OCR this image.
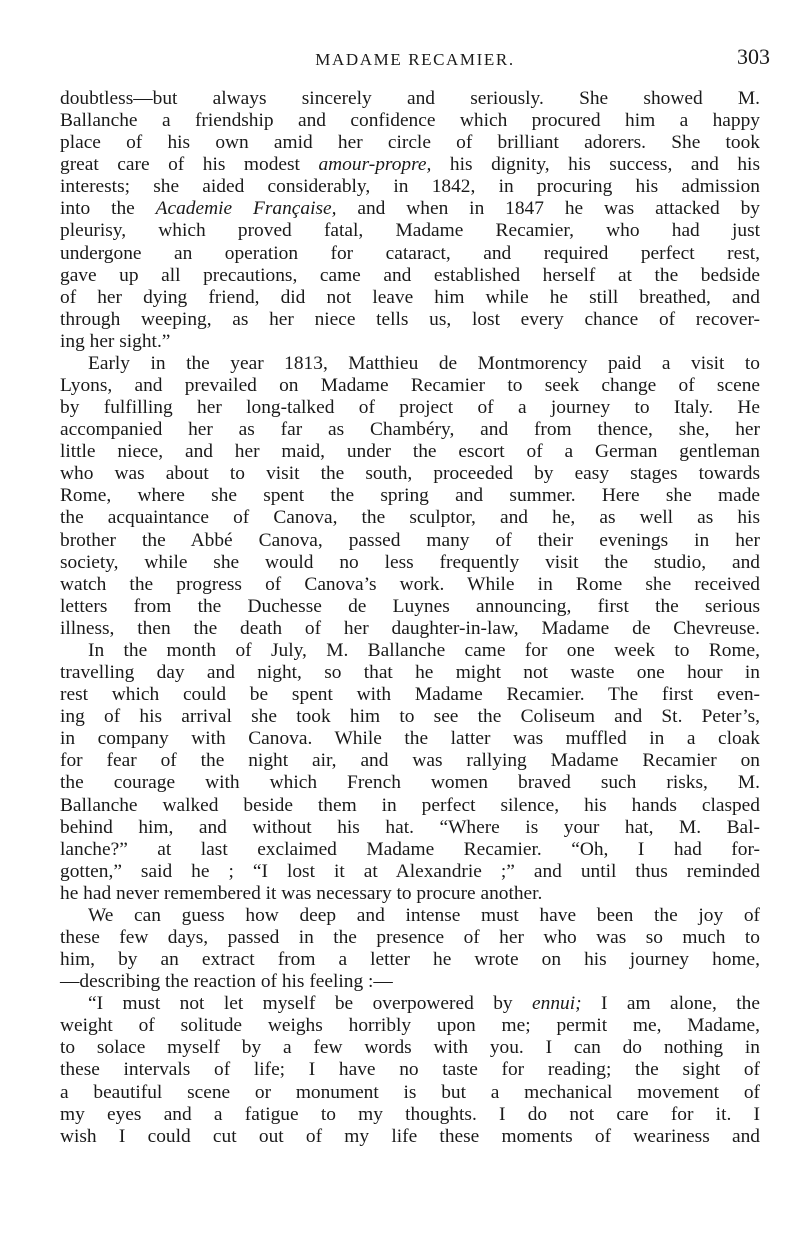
MADAME RECAMIER.	303
doubtless—but always sincerely and seriously. She showed M.
Ballanche a friendship and confidence which procured him a happy
place of his own amid her circle of brilliant adorers. She took
great care of his modest amour-propre, his dignity, his success, and his
interests; she aided considerably, in 1842, in procuring his admission
into the Academie Française, and when in 1847 he was attacked by
pleurisy, which proved fatal, Madame Recamier, who had just
undergone an operation for cataract, and required perfect rest,
gave up all precautions, came and established herself at the bedside
of her dying friend, did not leave him while he still breathed, and
through weeping, as her niece tells us, lost every chance of recover-
ing her sight.”
Early in the year 1813, Matthieu de Montmorency paid a visit to
Lyons, and prevailed on Madame Recamier to seek change of scene
by fulfilling her long-talked of project of a journey to Italy. He
accompanied her as far as Chambéry, and from thence, she, her
little niece, and her maid, under the escort of a German gentleman
who was about to visit the south, proceeded by easy stages towards
Rome, where she spent the spring and summer. Here she made
the acquaintance of Canova, the sculptor, and he, as well as his
brother the Abbé Canova, passed many of their evenings in her
society, while she would no less frequently visit the studio, and
watch the progress of Canova’s work. While in Rome she received
letters from the Duchesse de Luynes announcing, first the serious
illness, then the death of her daughter-in-law, Madame de Chevreuse.
In the month of July, M. Ballanche came for one week to Rome,
travelling day and night, so that he might not waste one hour in
rest which could be spent with Madame Recamier. The first even-
ing of his arrival she took him to see the Coliseum and St. Peter’s,
in company with Canova. While the latter was muffled in a cloak
for fear of the night air, and was rallying Madame Recamier on
the courage with which French women braved such risks, M.
Ballanche walked beside them in perfect silence, his hands clasped
behind him, and without his hat. “Where is your hat, M. Bal-
lanche?” at last exclaimed Madame Recamier. “Oh, I had for-
gotten,” said he ; “I lost it at Alexandrie ;” and until thus reminded
he had never remembered it was necessary to procure another.
We can guess how deep and intense must have been the joy of
these few days, passed in the presence of her who was so much to
him, by an extract from a letter he wrote on his journey home,
—describing the reaction of his feeling :—
“I must not let myself be overpowered by ennui; I am alone, the
weight of solitude weighs horribly upon me; permit me, Madame,
to solace myself by a few words with you. I can do nothing in
these intervals of life; I have no taste for reading; the sight of
a beautiful scene or monument is but a mechanical movement of
my eyes and a fatigue to my thoughts. I do not care for it. I
wish I could cut out of my life these moments of weariness and
